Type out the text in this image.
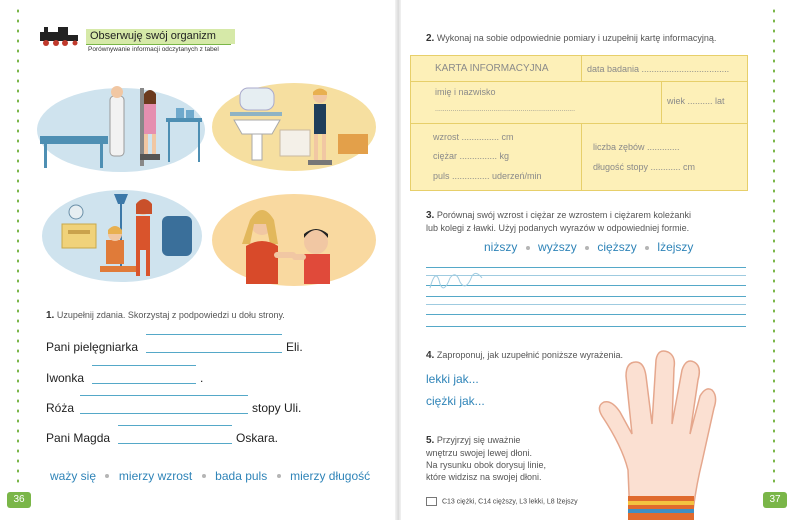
36
Obserwuję swój organizm
Porównywanie informacji odczytanych z tabel
1. Uzupełnij zdania. Skorzystaj z podpowiedzi u dołu strony.
Pani pielęgniarka	Eli.
Iwonka	.
Róża	stopy Uli.
Pani Magda	Oskara.
waży się mierzy wzrost bada puls mierzy długość
37
2. Wykonaj na sobie odpowiednie pomiary i uzupełnij kartę informacyjną.
KARTA INFORMACYJNA	data badania ...................................
imię i nazwisko
........................................................................
wiek .......... lat
wzrost ............... cm
ciężar ............... kg
puls ............... uderzeń/min
liczba zębów .............
długość stopy ............ cm
3. Porównaj swój wzrost i ciężar ze wzrostem i ciężarem koleżanki
lub kolegi z ławki. Użyj podanych wyrazów w odpowiedniej formie.
niższy wyższy cięższy lżejszy
4. Zaproponuj, jak uzupełnić poniższe wyrażenia.
lekki jak...
ciężki jak...
5. Przyjrzyj się uważnie
wnętrzu swojej lewej dłoni.
Na rysunku obok dorysuj linie,
które widzisz na swojej dłoni.
C13 ciężki, C14 cięższy, L3 lekki, L8 lżejszy
